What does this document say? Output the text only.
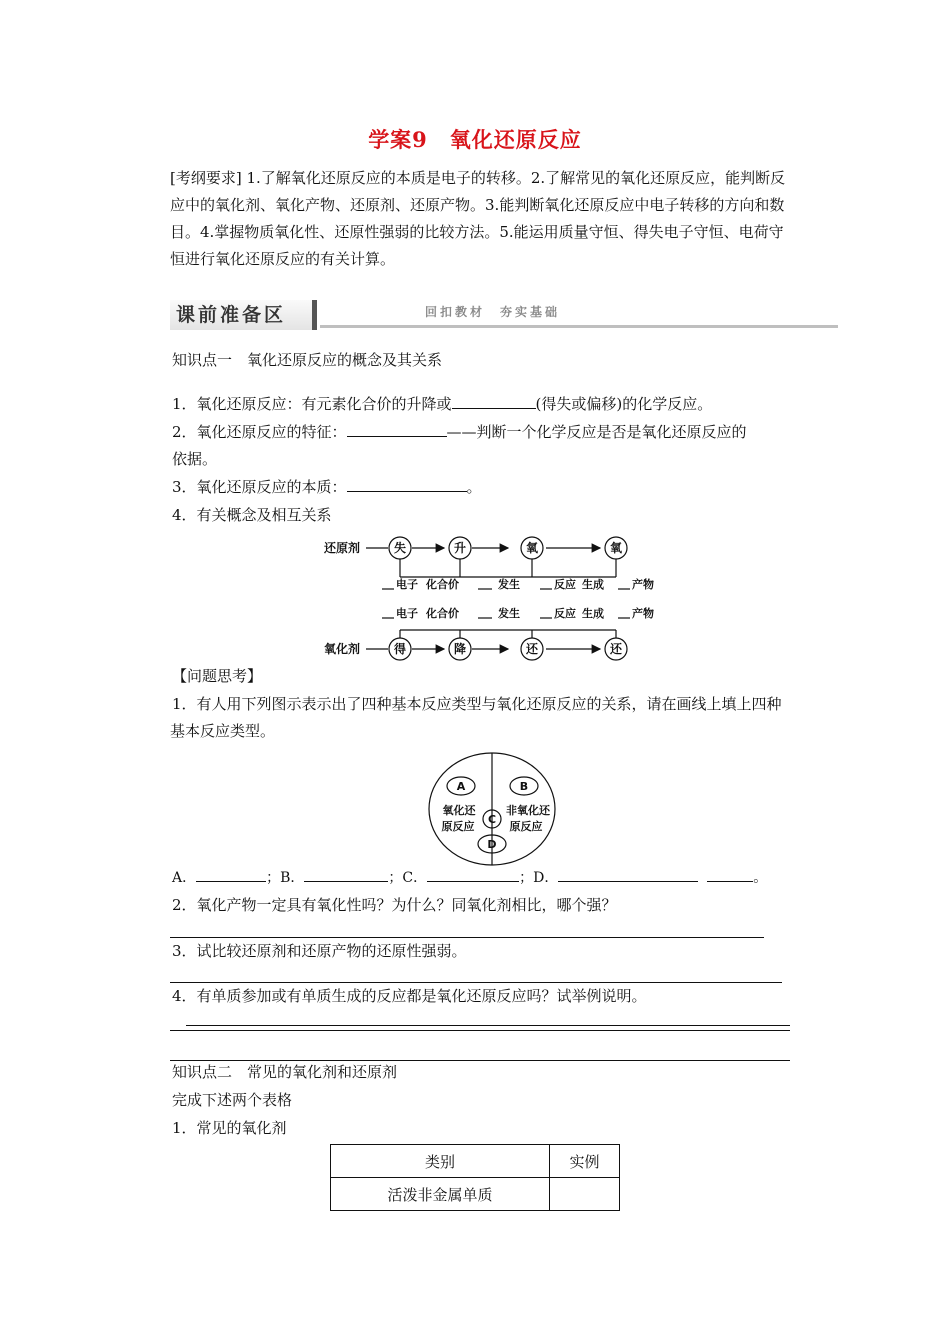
学案9　氧化还原反应
[考纲要求] 1.了解氧化还原反应的本质是电子的转移。2.了解常见的氧化还原反应，能判断反应中的氧化剂、氧化产物、还原剂、还原产物。3.能判断氧化还原反应中电子转移的方向和数目。4.掌握物质氧化性、还原性强弱的比较方法。5.能运用质量守恒、得失电子守恒、电荷守恒进行氧化还原反应的有关计算。
课前准备区	回扣教材　夯实基础
知识点一　氧化还原反应的概念及其关系
1．氧化还原反应：有元素化合价的升降或	(得失或偏移)的化学反应。
2．氧化还原反应的特征：	——判断一个化学反应是否是氧化还原反应的
依据。
3．氧化还原反应的本质：	。
4．有关概念及相互关系
还原剂
氧化剂
失	升	氧	氧
得	降	还	还
电子 化合价	发生	反应 生成	产物
电子 化合价	发生	反应 生成	产物
【问题思考】
1．有人用下列图示表示出了四种基本反应类型与氧化还原反应的关系，请在画线上填上四种基本反应类型。
A	B
C
D
氧化还
原反应
非氧化还
原反应
A．	；B．	；C．	；D．	。
2．氧化产物一定具有氧化性吗？为什么？同氧化剂相比，哪个强？
3．试比较还原剂和还原产物的还原性强弱。
4．有单质参加或有单质生成的反应都是氧化还原反应吗？试举例说明。
知识点二　常见的氧化剂和还原剂
完成下述两个表格
1．常见的氧化剂
类别	实例
活泼非金属单质	
